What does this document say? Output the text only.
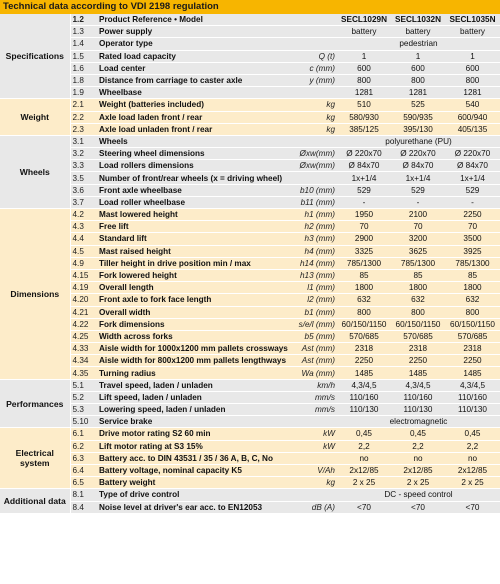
Technical data according to VDI 2198 regulation
Specifications	1.2	Product Reference • Model		SECL1029N	SECL1032N	SECL1035N
	1.3	Power supply		battery	battery	battery
	1.4	Operator type		pedestrian		
	1.5	Rated load capacity	Q (t)	1	1	1
	1.6	Load center	c (mm)	600	600	600
	1.8	Distance from carriage to caster axle	y (mm)	800	800	800
	1.9	Wheelbase		1281	1281	1281
Weight	2.1	Weight (batteries included)	kg	510	525	540
	2.2	Axle load laden front / rear	kg	580/930	590/935	600/940
	2.3	Axle load unladen front / rear	kg	385/125	395/130	405/135
Wheels	3.1	Wheels		polyurethane (PU)		
	3.2	Steering wheel dimensions	Øxw(mm)	Ø 220x70	Ø 220x70	Ø 220x70
	3.3	Load rollers dimensions	Øxw(mm)	Ø 84x70	Ø 84x70	Ø 84x70
	3.5	Number of front/rear wheels (x = driving wheel)		1x+1/4	1x+1/4	1x+1/4
	3.6	Front axle wheelbase	b10 (mm)	529	529	529
	3.7	Load roller wheelbase	b11 (mm)	-	-	-
Dimensions	4.2	Mast lowered height	h1 (mm)	1950	2100	2250
	4.3	Free lift	h2 (mm)	70	70	70
	4.4	Standard lift	h3 (mm)	2900	3200	3500
	4.5	Mast raised height	h4 (mm)	3325	3625	3925
	4.9	Tiller height in drive position min / max	h14 (mm)	785/1300	785/1300	785/1300
	4.15	Fork lowered height	h13 (mm)	85	85	85
	4.19	Overall length	l1 (mm)	1800	1800	1800
	4.20	Front axle to fork face length	l2 (mm)	632	632	632
	4.21	Overall width	b1 (mm)	800	800	800
	4.22	Fork dimensions	s/e/l (mm)	60/150/1150	60/150/1150	60/150/1150
	4.25	Width across forks	b5 (mm)	570/685	570/685	570/685
	4.33	Aisle width for 1000x1200 mm pallets crossways	Ast (mm)	2318	2318	2318
	4.34	Aisle width for 800x1200 mm pallets lengthways	Ast (mm)	2250	2250	2250
	4.35	Turning radius	Wa (mm)	1485	1485	1485
Performances	5.1	Travel speed, laden / unladen	km/h	4,3/4,5	4,3/4,5	4,3/4,5
	5.2	Lift speed, laden / unladen	mm/s	110/160	110/160	110/160
	5.3	Lowering speed, laden / unladen	mm/s	110/130	110/130	110/130
	5.10	Service brake		electromagnetic		
Electrical system	6.1	Drive motor rating S2 60 min	kW	0,45	0,45	0,45
	6.2	Lift motor rating at S3 15%	kW	2,2	2,2	2,2
	6.3	Battery acc. to DIN 43531 / 35 / 36 A, B, C, No		no	no	no
	6.4	Battery voltage, nominal capacity K5	V/Ah	2x12/85	2x12/85	2x12/85
	6.5	Battery weight	kg	2 x 25	2 x 25	2 x 25
Additional data	8.1	Type of drive control		DC - speed control		
	8.4	Noise level at driver's ear acc. to EN12053	dB (A)	<70	<70	<70
